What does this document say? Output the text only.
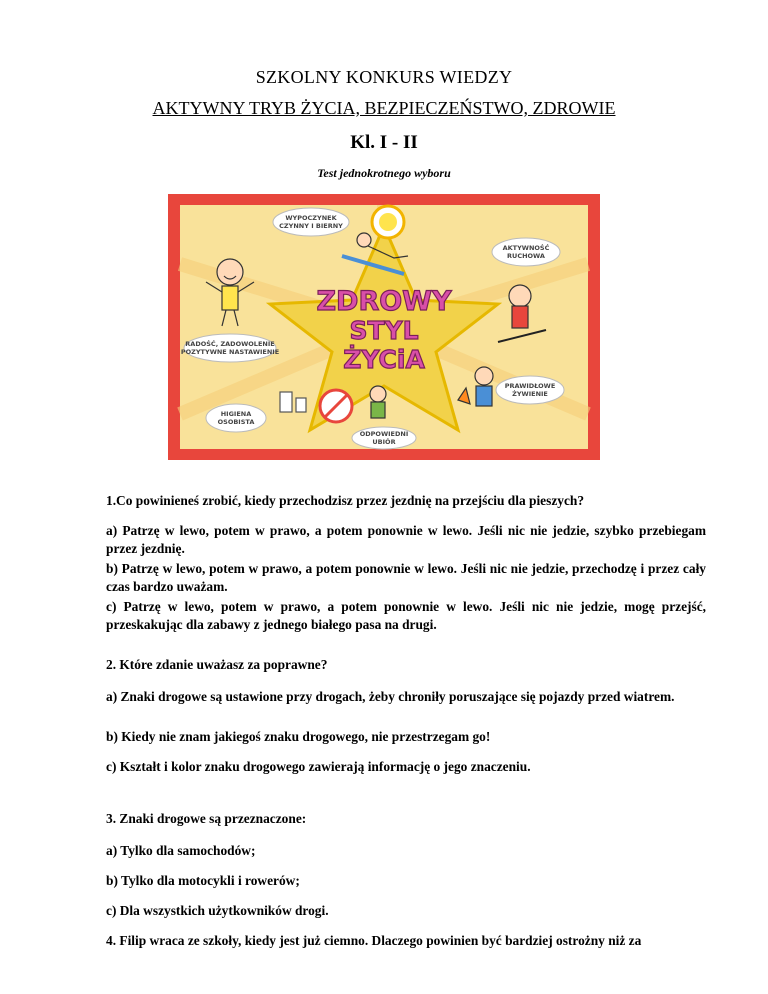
SZKOLNY KONKURS WIEDZY
AKTYWNY TRYB ŻYCIA, BEZPIECZEŃSTWO, ZDROWIE
Kl. I - II
Test jednokrotnego wyboru
ZDROWY
STYL
ŻYCiA
WYPOCZYNEK
CZYNNY I BIERNY
AKTYWNOŚĆ
RUCHOWA
RADOŚĆ, ZADOWOLENIE
POZYTYWNE NASTAWIENIE
HIGIENA
OSOBISTA
PRAWIDŁOWE
ŻYWIENIE
ODPOWIEDNI
UBIÓR

1.Co powinieneś zrobić, kiedy przechodzisz przez jezdnię na przejściu dla pieszych?

a) Patrzę w lewo, potem w prawo, a potem ponownie w lewo. Jeśli nic nie jedzie, szybko przebiegam przez jezdnię.

b) Patrzę w lewo, potem w prawo, a potem ponownie w lewo. Jeśli nic nie jedzie, przechodzę i przez cały czas bardzo uważam.

c) Patrzę w lewo, potem w prawo, a potem ponownie w lewo. Jeśli nic nie jedzie, mogę przejść, przeskakując dla zabawy z jednego białego pasa na drugi.

2. Które zdanie uważasz za poprawne?

a) Znaki drogowe są ustawione przy drogach, żeby chroniły poruszające się pojazdy przed wiatrem.

b) Kiedy nie znam jakiegoś znaku drogowego, nie przestrzegam go!

c) Kształt i kolor znaku drogowego zawierają informację o jego znaczeniu.

3. Znaki drogowe są przeznaczone:

a) Tylko dla samochodów;

b) Tylko dla motocykli i rowerów;

c) Dla wszystkich użytkowników drogi.

4. Filip wraca ze szkoły, kiedy jest już ciemno. Dlaczego powinien być bardziej ostrożny niż za
